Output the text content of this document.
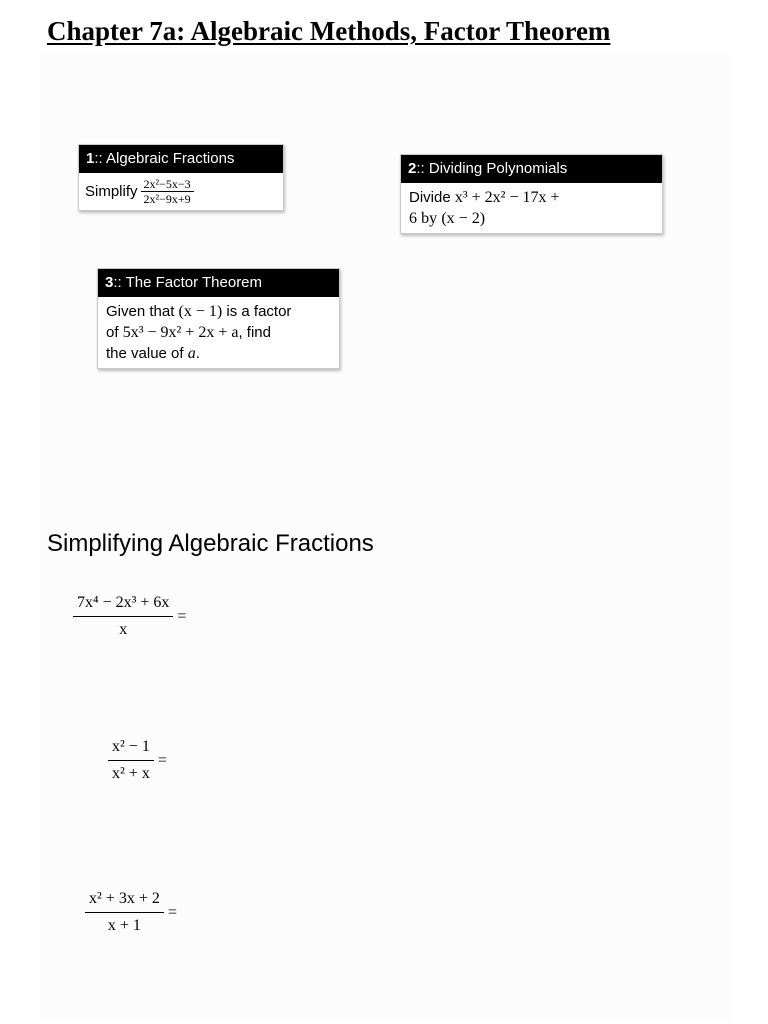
Chapter 7a: Algebraic Methods, Factor Theorem
1:: Algebraic Fractions
Simplify $\frac{\text{2x²−5x−3}}{\text{2x²−9x+9}}$
2:: Dividing Polynomials
Divide x³ + 2x² − 17x +
6 by (x − 2)
3:: The Factor Theorem
Given that (x − 1) is a factor
of 5x³ − 9x² + 2x + a, find
the value of a.
Simplifying Algebraic Fractions
$\frac{\text{7x⁴ − 2x³ + 6x}}{x}$ =
$\frac{\text{x² − 1}}{\text{x² + x}}$ =
$\frac{\text{x² + 3x + 2}}{x + 1}$ =
